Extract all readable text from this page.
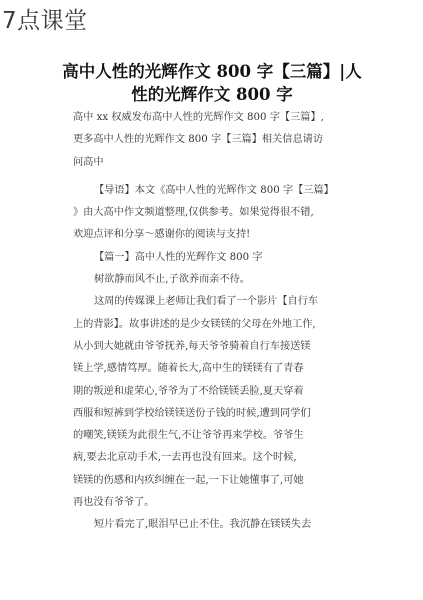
7点课堂
高中人性的光辉作文 800 字【三篇】|人
性的光辉作文 800 字
高中 xx 权威发布高中人性的光辉作文 800 字【三篇】,
更多高中人性的光辉作文 800 字【三篇】相关信息请访
问高中
【导语】本文《高中人性的光辉作文 800 字【三篇】
》由大高中作文频道整理,仅供参考。如果觉得很不错,
欢迎点评和分享～感谢你的阅读与支持!
【篇一】高中人性的光辉作文 800 字
树欲静而风不止,子欲养而亲不待。
这周的传媒课上老师让我们看了一个影片【自行车
上的背影】。故事讲述的是少女镁镁的父母在外地工作,
从小到大她就由爷爷抚养,每天爷爷骑着自行车接送镁
镁上学,感情笃厚。随着长大,高中生的镁镁有了青春
期的叛逆和虚荣心,爷爷为了不给镁镁丢脸,夏天穿着
西服和短裤到学校给镁镁送份子钱的时候,遭到同学们
的嘲笑,镁镁为此很生气,不让爷爷再来学校。爷爷生
病,要去北京动手术,一去再也没有回来。这个时候,
镁镁的伤感和内疚纠缠在一起,一下让她懂事了,可她
再也没有爷爷了。
短片看完了,眼泪早已止不住。我沉静在镁镁失去
